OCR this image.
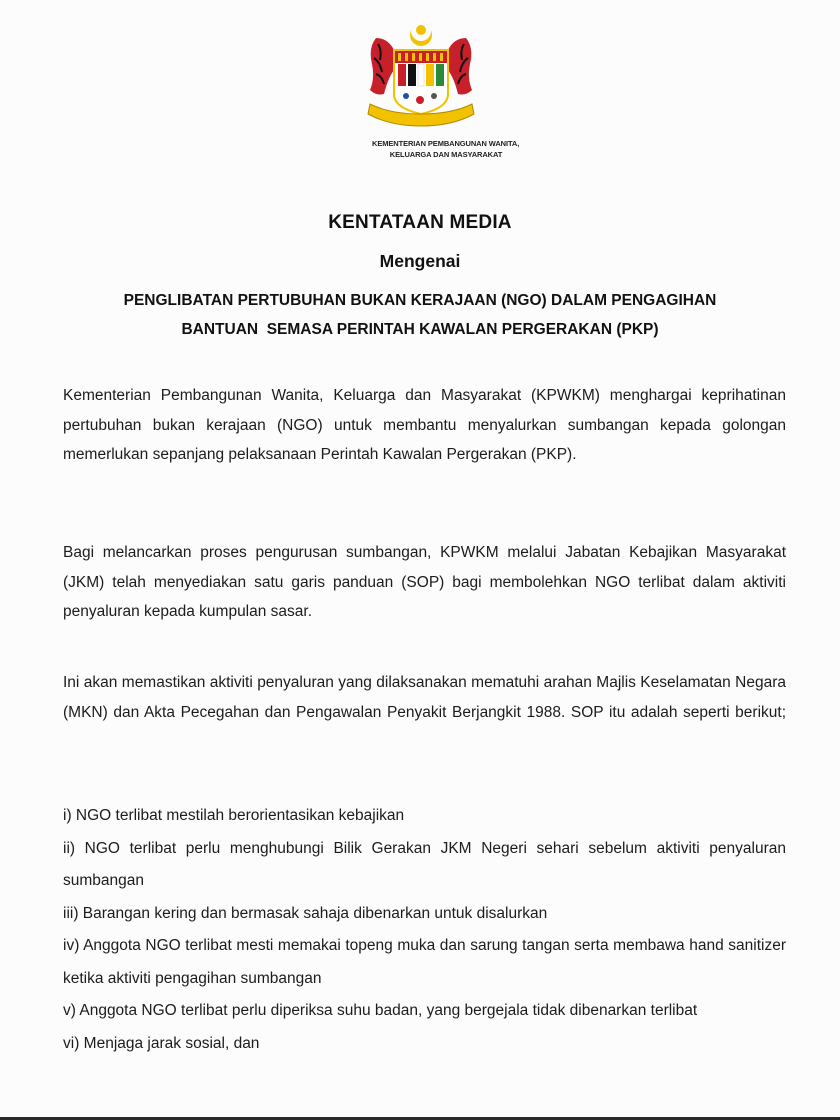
KEMENTERIAN PEMBANGUNAN WANITA,
KELUARGA DAN MASYARAKAT
KENTATAAN MEDIA
Mengenai
PENGLIBATAN PERTUBUHAN BUKAN KERAJAAN (NGO) DALAM PENGAGIHAN
BANTUAN  SEMASA PERINTAH KAWALAN PERGERAKAN (PKP)

Kementerian Pembangunan Wanita, Keluarga dan Masyarakat (KPWKM) menghargai keprihatinan pertubuhan bukan kerajaan (NGO) untuk membantu menyalurkan sumbangan kepada golongan memerlukan sepanjang pelaksanaan Perintah Kawalan Pergerakan (PKP).

Bagi melancarkan proses pengurusan sumbangan, KPWKM melalui Jabatan Kebajikan Masyarakat (JKM) telah menyediakan satu garis panduan (SOP) bagi membolehkan NGO terlibat dalam aktiviti penyaluran kepada kumpulan sasar.

Ini akan memastikan aktiviti penyaluran yang dilaksanakan mematuhi arahan Majlis Keselamatan Negara (MKN) dan Akta Pecegahan dan Pengawalan Penyakit Berjangkit 1988. SOP itu adalah seperti berikut;

i) NGO terlibat mestilah berorientasikan kebajikan

ii) NGO terlibat perlu menghubungi Bilik Gerakan JKM Negeri sehari sebelum aktiviti penyaluran sumbangan

iii) Barangan kering dan bermasak sahaja dibenarkan untuk disalurkan

iv) Anggota NGO terlibat mesti memakai topeng muka dan sarung tangan serta membawa hand sanitizer ketika aktiviti pengagihan sumbangan

v) Anggota NGO terlibat perlu diperiksa suhu badan, yang bergejala tidak dibenarkan terlibat

vi) Menjaga jarak sosial, dan
